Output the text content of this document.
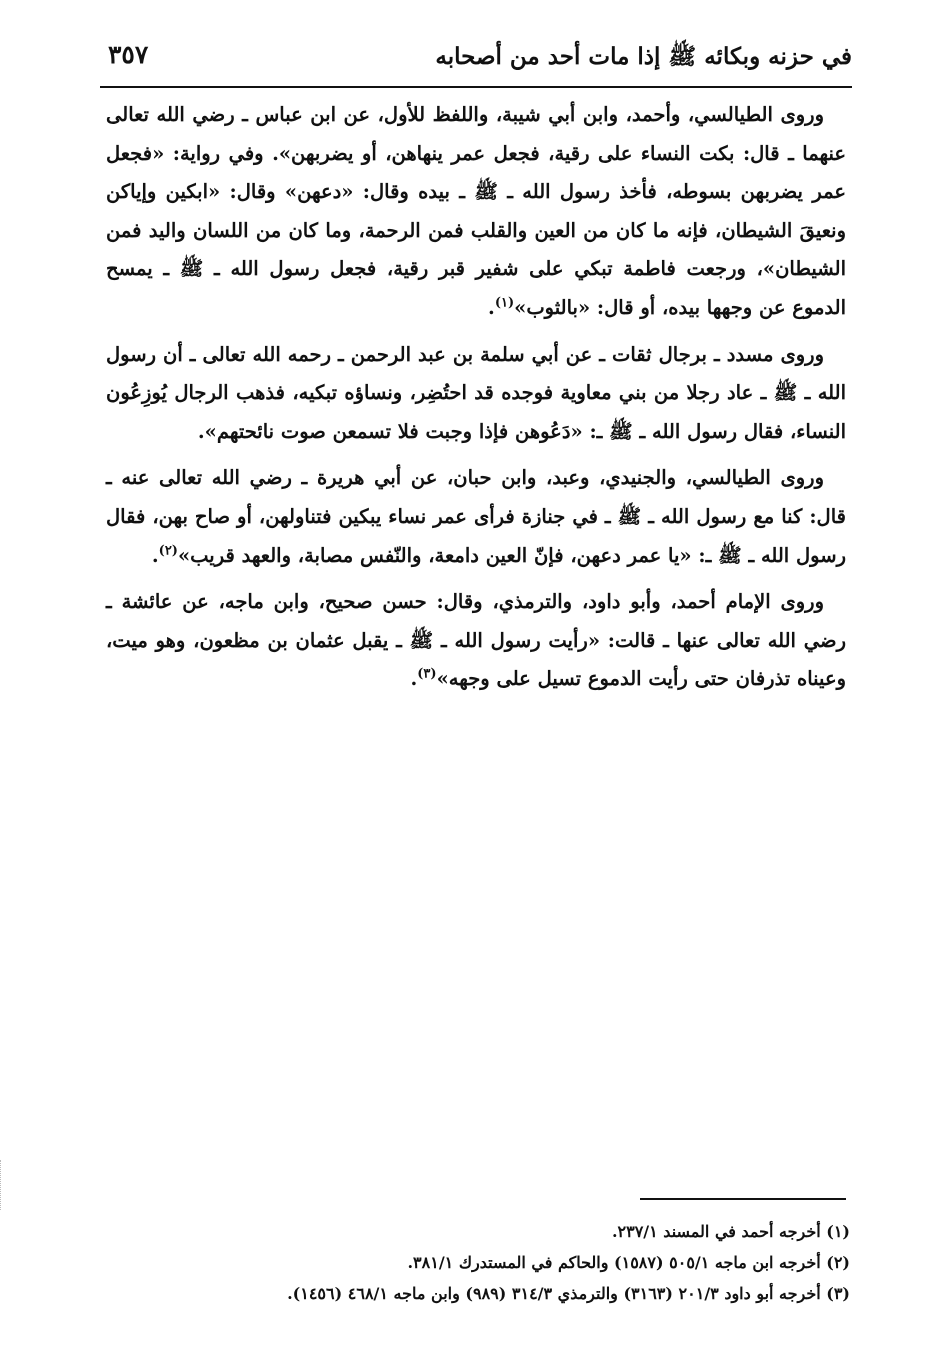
في حزنه وبكائه ﷺ إذا مات أحد من أصحابه
٣٥٧

وروى الطيالسي، وأحمد، وابن أبي شيبة، واللفظ للأول، عن ابن عباس ـ رضي الله تعالى عنهما ـ قال: بكت النساء على رقية، فجعل عمر ينهاهن، أو يضربهن». وفي رواية: «فجعل عمر يضربهن بسوطه، فأخذ رسول الله ـ ﷺ ـ بيده وقال: «دعهن» وقال: «ابكين وإياكن ونعيقَ الشيطان، فإنه ما كان من العين والقلب فمن الرحمة، وما كان من اللسان واليد فمن الشيطان»، ورجعت فاطمة تبكي على شفير قبر رقية، فجعل رسول الله ـ ﷺ ـ يمسح الدموع عن وجهها بيده، أو قال: «بالثوب»$^{(١)}$.

وروى مسدد ـ برجال ثقات ـ عن أبي سلمة بن عبد الرحمن ـ رحمه الله تعالى ـ أن رسول الله ـ ﷺ ـ عاد رجلا من بني معاوية فوجده قد احتُضِر، ونساؤه تبكيه، فذهب الرجال يُوزِعُون النساء، فقال رسول الله ـ ﷺ ـ: «دَعُوهن فإذا وجبت فلا تسمعن صوت نائحتهم».

وروى الطيالسي، والجنيدي، وعبد، وابن حبان، عن أبي هريرة ـ رضي الله تعالى عنه ـ قال: كنا مع رسول الله ـ ﷺ ـ في جنازة فرأى عمر نساء يبكين فتناولهن، أو صاح بهن، فقال رسول الله ـ ﷺ ـ: «يا عمر دعهن، فإنّ العين دامعة، والنّفس مصابة، والعهد قريب»$^{(٢)}$.

وروى الإمام أحمد، وأبو داود، والترمذي، وقال: حسن صحيح، وابن ماجه، عن عائشة ـ رضي الله تعالى عنها ـ قالت: «رأيت رسول الله ـ ﷺ ـ يقبل عثمان بن مظعون، وهو ميت، وعيناه تذرفان حتى رأيت الدموع تسيل على وجهه»$^{(٣)}$.

(١) أخرجه أحمد في المسند ٢٣٧/١.
(٢) أخرجه ابن ماجه ٥٠٥/١ (١٥٨٧) والحاكم في المستدرك ٣٨١/١.
(٣) أخرجه أبو داود ٢٠١/٣ (٣١٦٣) والترمذي ٣١٤/٣ (٩٨٩) وابن ماجه ٤٦٨/١ (١٤٥٦).
